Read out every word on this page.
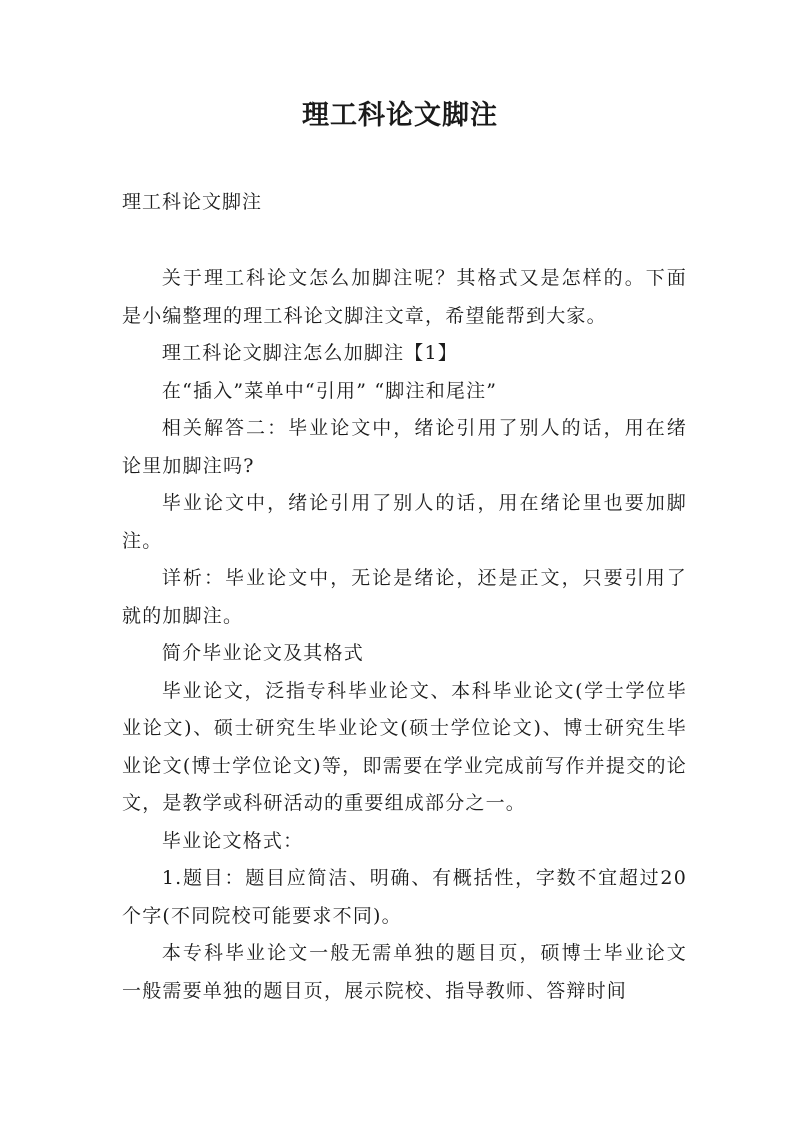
理工科论文脚注
理工科论文脚注

关于理工科论文怎么加脚注呢？其格式又是怎样的。下面是小编整理的理工科论文脚注文章，希望能帮到大家。

理工科论文脚注怎么加脚注【1】

在“插入”菜单中“引用” “脚注和尾注”

相关解答二：毕业论文中，绪论引用了别人的话，用在绪论里加脚注吗?

毕业论文中，绪论引用了别人的话，用在绪论里也要加脚注。

详析：毕业论文中，无论是绪论，还是正文，只要引用了就的加脚注。

简介毕业论文及其格式

毕业论文，泛指专科毕业论文、本科毕业论文(学士学位毕业论文)、硕士研究生毕业论文(硕士学位论文)、博士研究生毕业论文(博士学位论文)等，即需要在学业完成前写作并提交的论文，是教学或科研活动的重要组成部分之一。

毕业论文格式：

1.题目：题目应简洁、明确、有概括性，字数不宜超过20个字(不同院校可能要求不同)。

本专科毕业论文一般无需单独的题目页，硕博士毕业论文一般需要单独的题目页，展示院校、指导教师、答辩时间
